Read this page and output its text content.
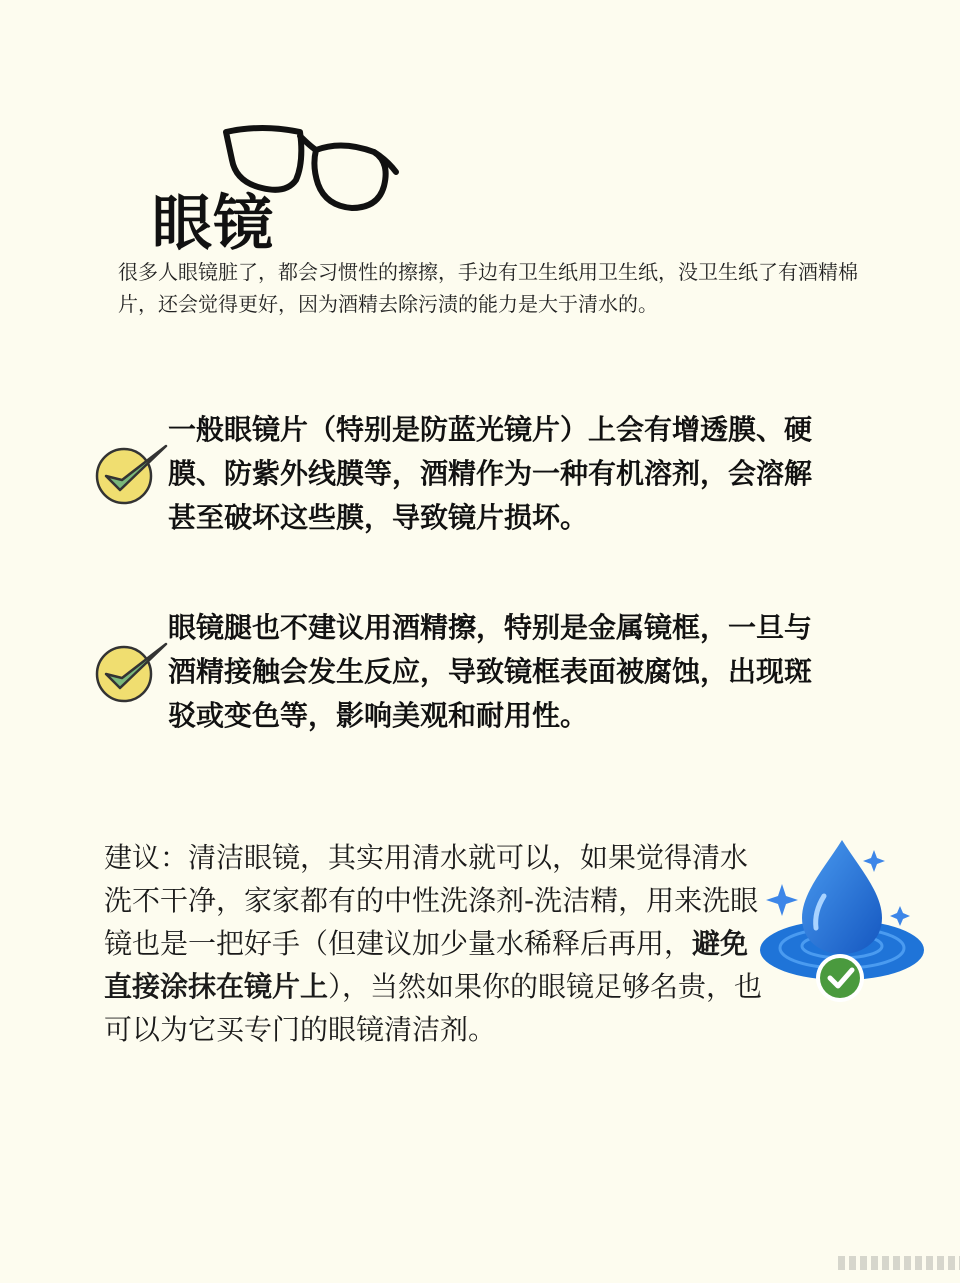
眼镜
很多人眼镜脏了，都会习惯性的擦擦，手边有卫生纸用卫生纸，没卫生纸了有酒精棉片，还会觉得更好，因为酒精去除污渍的能力是大于清水的。
一般眼镜片（特别是防蓝光镜片）上会有增透膜、硬膜、防紫外线膜等，酒精作为一种有机溶剂，会溶解甚至破坏这些膜，导致镜片损坏。
眼镜腿也不建议用酒精擦，特别是金属镜框，一旦与酒精接触会发生反应，导致镜框表面被腐蚀，出现斑驳或变色等，影响美观和耐用性。
建议：清洁眼镜，其实用清水就可以，如果觉得清水洗不干净，家家都有的中性洗涤剂-洗洁精，用来洗眼镜也是一把好手（但建议加少量水稀释后再用，避免直接涂抹在镜片上），当然如果你的眼镜足够名贵，也可以为它买专门的眼镜清洁剂。
